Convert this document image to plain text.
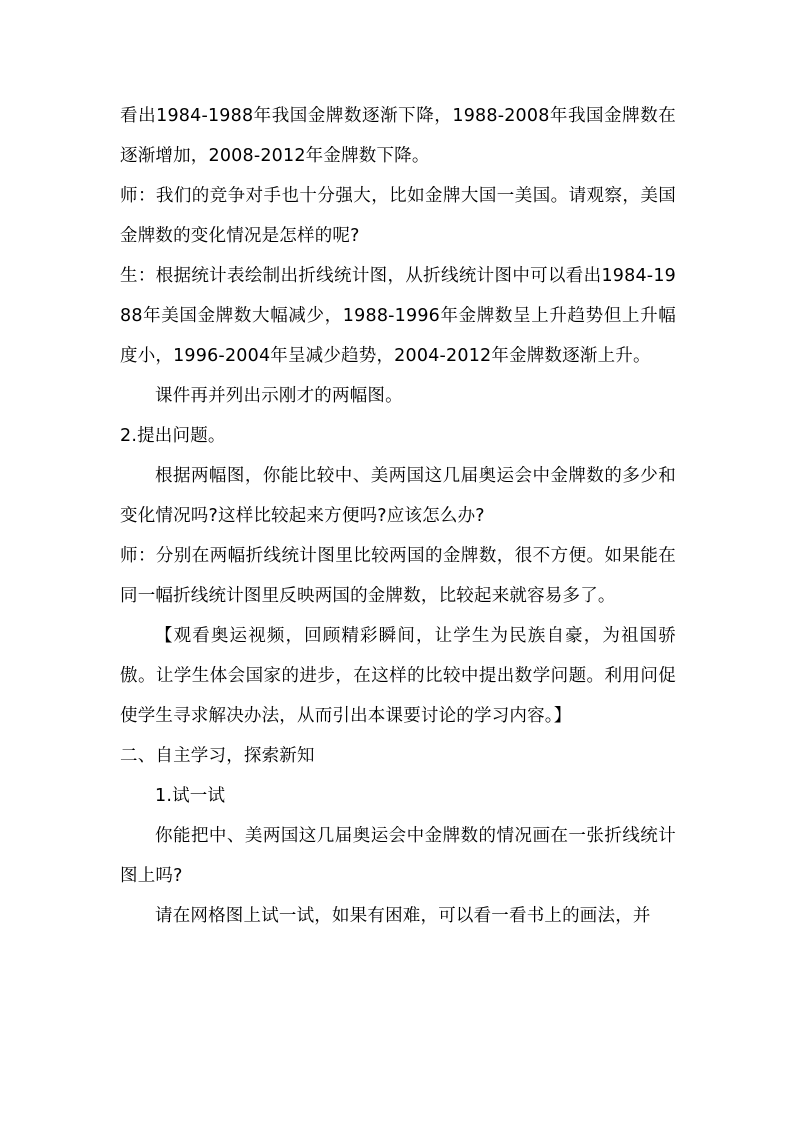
看出1984-1988年我国金牌数逐渐下降，1988-2008年我国金牌数在逐渐增加，2008-2012年金牌数下降。

师：我们的竞争对手也十分强大，比如金牌大国一美国。请观察，美国金牌数的变化情况是怎样的呢?

生：根据统计表绘制出折线统计图，从折线统计图中可以看出1984-1988年美国金牌数大幅减少，1988-1996年金牌数呈上升趋势但上升幅度小，1996-2004年呈减少趋势，2004-2012年金牌数逐渐上升。

课件再并列出示刚才的两幅图。

2.提出问题。

根据两幅图，你能比较中、美两国这几届奥运会中金牌数的多少和变化情况吗?这样比较起来方便吗?应该怎么办?

师：分别在两幅折线统计图里比较两国的金牌数，很不方便。如果能在同一幅折线统计图里反映两国的金牌数，比较起来就容易多了。

【观看奥运视频，回顾精彩瞬间，让学生为民族自豪，为祖国骄傲。让学生体会国家的进步，在这样的比较中提出数学问题。利用问促使学生寻求解决办法，从而引出本课要讨论的学习内容。】

二、自主学习，探索新知

1.试一试

你能把中、美两国这几届奥运会中金牌数的情况画在一张折线统计图上吗?

请在网格图上试一试，如果有困难，可以看一看书上的画法，并
